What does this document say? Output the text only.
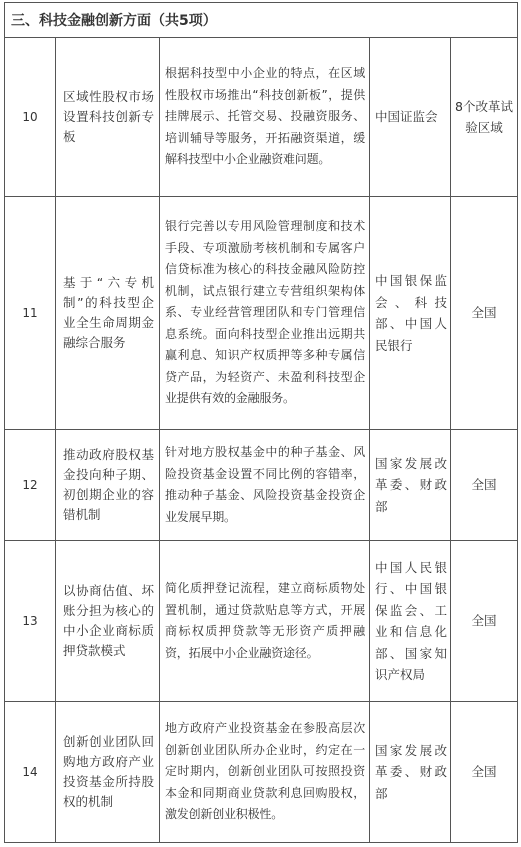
三、科技金融创新方面（共5项）				
10	区域性股权市场设置科技创新专板	根据科技型中小企业的特点，在区域性股权市场推出“科技创新板”，提供挂牌展示、托管交易、投融资服务、培训辅导等服务，开拓融资渠道，缓解科技型中小企业融资难问题。	中国证监会	8个改革试验区域
11	基于“六专机制”的科技型企业全生命周期金融综合服务	银行完善以专用风险管理制度和技术手段、专项激励考核机制和专属客户信贷标准为核心的科技金融风险防控机制，试点银行建立专营组织架构体系、专业经营管理团队和专门管理信息系统。面向科技型企业推出远期共赢利息、知识产权质押等多种专属信贷产品，为轻资产、未盈利科技型企业提供有效的金融服务。	中国银保监会、科技部、中国人民银行	全国
12	推动政府股权基金投向种子期、初创期企业的容错机制	针对地方股权基金中的种子基金、风险投资基金设置不同比例的容错率，推动种子基金、风险投资基金投资企业发展早期。	国家发展改革委、财政部	全国
13	以协商估值、坏账分担为核心的中小企业商标质押贷款模式	简化质押登记流程，建立商标质物处置机制，通过贷款贴息等方式，开展商标权质押贷款等无形资产质押融资，拓展中小企业融资途径。	中国人民银行、中国银保监会、工业和信息化部、国家知识产权局	全国
14	创新创业团队回购地方政府产业投资基金所持股权的机制	地方政府产业投资基金在参股高层次创新创业团队所办企业时，约定在一定时期内，创新创业团队可按照投资本金和同期商业贷款利息回购股权，激发创新创业积极性。	国家发展改革委、财政部	全国
